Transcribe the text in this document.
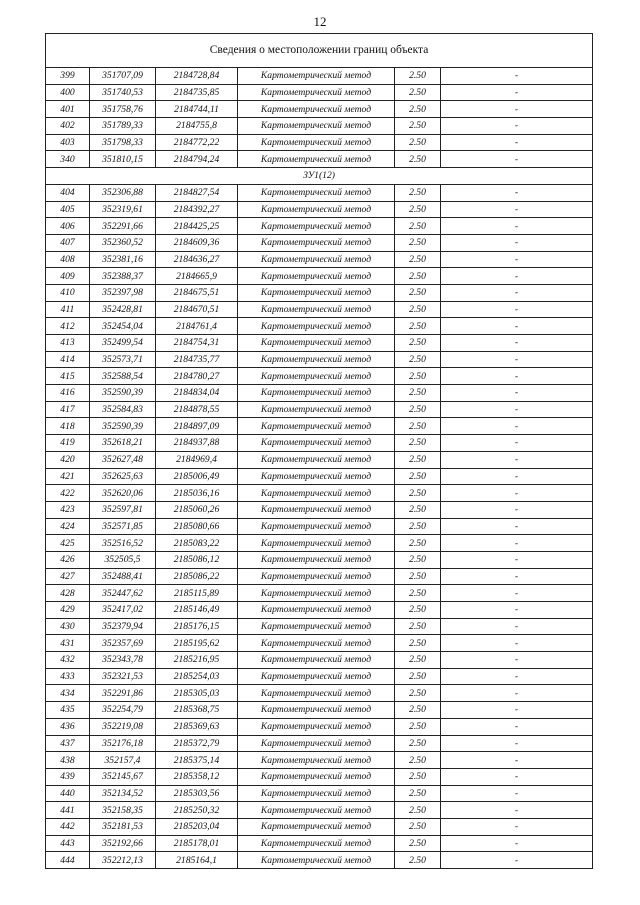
12
Сведения о местоположении границ объекта					
399	351707,09	2184728,84	Картометрический метод	2.50	-
400	351740,53	2184735,85	Картометрический метод	2.50	-
401	351758,76	2184744,11	Картометрический метод	2.50	-
402	351789,33	2184755,8	Картометрический метод	2.50	-
403	351798,33	2184772,22	Картометрический метод	2.50	-
340	351810,15	2184794,24	Картометрический метод	2.50	-
ЗУ1(12)					
404	352306,88	2184827,54	Картометрический метод	2.50	-
405	352319,61	2184392,27	Картометрический метод	2.50	-
406	352291,66	2184425,25	Картометрический метод	2.50	-
407	352360,52	2184609,36	Картометрический метод	2.50	-
408	352381,16	2184636,27	Картометрический метод	2.50	-
409	352388,37	2184665,9	Картометрический метод	2.50	-
410	352397,98	2184675,51	Картометрический метод	2.50	-
411	352428,81	2184670,51	Картометрический метод	2.50	-
412	352454,04	2184761,4	Картометрический метод	2.50	-
413	352499,54	2184754,31	Картометрический метод	2.50	-
414	352573,71	2184735,77	Картометрический метод	2.50	-
415	352588,54	2184780,27	Картометрический метод	2.50	-
416	352590,39	2184834,04	Картометрический метод	2.50	-
417	352584,83	2184878,55	Картометрический метод	2.50	-
418	352590,39	2184897,09	Картометрический метод	2.50	-
419	352618,21	2184937,88	Картометрический метод	2.50	-
420	352627,48	2184969,4	Картометрический метод	2.50	-
421	352625,63	2185006,49	Картометрический метод	2.50	-
422	352620,06	2185036,16	Картометрический метод	2.50	-
423	352597,81	2185060,26	Картометрический метод	2.50	-
424	352571,85	2185080,66	Картометрический метод	2.50	-
425	352516,52	2185083,22	Картометрический метод	2.50	-
426	352505,5	2185086,12	Картометрический метод	2.50	-
427	352488,41	2185086,22	Картометрический метод	2.50	-
428	352447,62	2185115,89	Картометрический метод	2.50	-
429	352417,02	2185146,49	Картометрический метод	2.50	-
430	352379,94	2185176,15	Картометрический метод	2.50	-
431	352357,69	2185195,62	Картометрический метод	2.50	-
432	352343,78	2185216,95	Картометрический метод	2.50	-
433	352321,53	2185254,03	Картометрический метод	2.50	-
434	352291,86	2185305,03	Картометрический метод	2.50	-
435	352254,79	2185368,75	Картометрический метод	2.50	-
436	352219,08	2185369,63	Картометрический метод	2.50	-
437	352176,18	2185372,79	Картометрический метод	2.50	-
438	352157,4	2185375,14	Картометрический метод	2.50	-
439	352145,67	2185358,12	Картометрический метод	2.50	-
440	352134,52	2185303,56	Картометрический метод	2.50	-
441	352158,35	2185250,32	Картометрический метод	2.50	-
442	352181,53	2185203,04	Картометрический метод	2.50	-
443	352192,66	2185178,01	Картометрический метод	2.50	-
444	352212,13	2185164,1	Картометрический метод	2.50	-
